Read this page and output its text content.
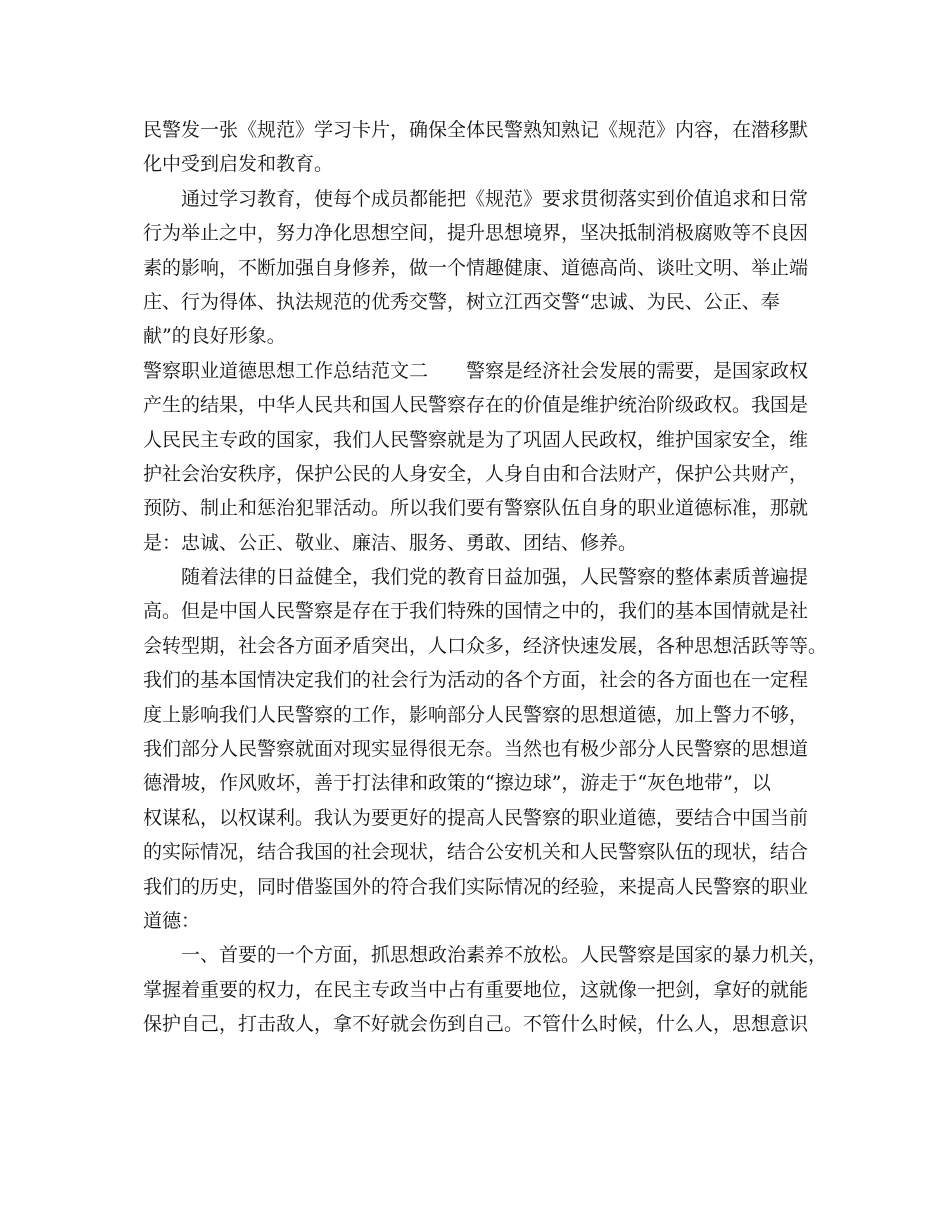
民警发一张《规范》学习卡片，确保全体民警熟知熟记《规范》内容，在潜移默
化中受到启发和教育。
通过学习教育，使每个成员都能把《规范》要求贯彻落实到价值追求和日常
行为举止之中，努力净化思想空间，提升思想境界，坚决抵制消极腐败等不良因
素的影响，不断加强自身修养，做一个情趣健康、道德高尚、谈吐文明、举止端
庄、行为得体、执法规范的优秀交警，树立江西交警“忠诚、为民、公正、奉
献”的良好形象。
警察职业道德思想工作总结范文二　　警察是经济社会发展的需要，是国家政权
产生的结果，中华人民共和国人民警察存在的价值是维护统治阶级政权。我国是
人民民主专政的国家，我们人民警察就是为了巩固人民政权，维护国家安全，维
护社会治安秩序，保护公民的人身安全，人身自由和合法财产，保护公共财产，
预防、制止和惩治犯罪活动。所以我们要有警察队伍自身的职业道德标准，那就
是：忠诚、公正、敬业、廉洁、服务、勇敢、团结、修养。
随着法律的日益健全，我们党的教育日益加强，人民警察的整体素质普遍提
高。但是中国人民警察是存在于我们特殊的国情之中的，我们的基本国情就是社
会转型期，社会各方面矛盾突出，人口众多，经济快速发展，各种思想活跃等等。
我们的基本国情决定我们的社会行为活动的各个方面，社会的各方面也在一定程
度上影响我们人民警察的工作，影响部分人民警察的思想道德，加上警力不够，
我们部分人民警察就面对现实显得很无奈。当然也有极少部分人民警察的思想道
德滑坡，作风败坏，善于打法律和政策的“擦边球”，游走于“灰色地带”，以
权谋私，以权谋利。我认为要更好的提高人民警察的职业道德，要结合中国当前
的实际情况，结合我国的社会现状，结合公安机关和人民警察队伍的现状，结合
我们的历史，同时借鉴国外的符合我们实际情况的经验，来提高人民警察的职业
道德：
一、首要的一个方面，抓思想政治素养不放松。人民警察是国家的暴力机关，
掌握着重要的权力，在民主专政当中占有重要地位，这就像一把剑，拿好的就能
保护自己，打击敌人，拿不好就会伤到自己。不管什么时候，什么人，思想意识
